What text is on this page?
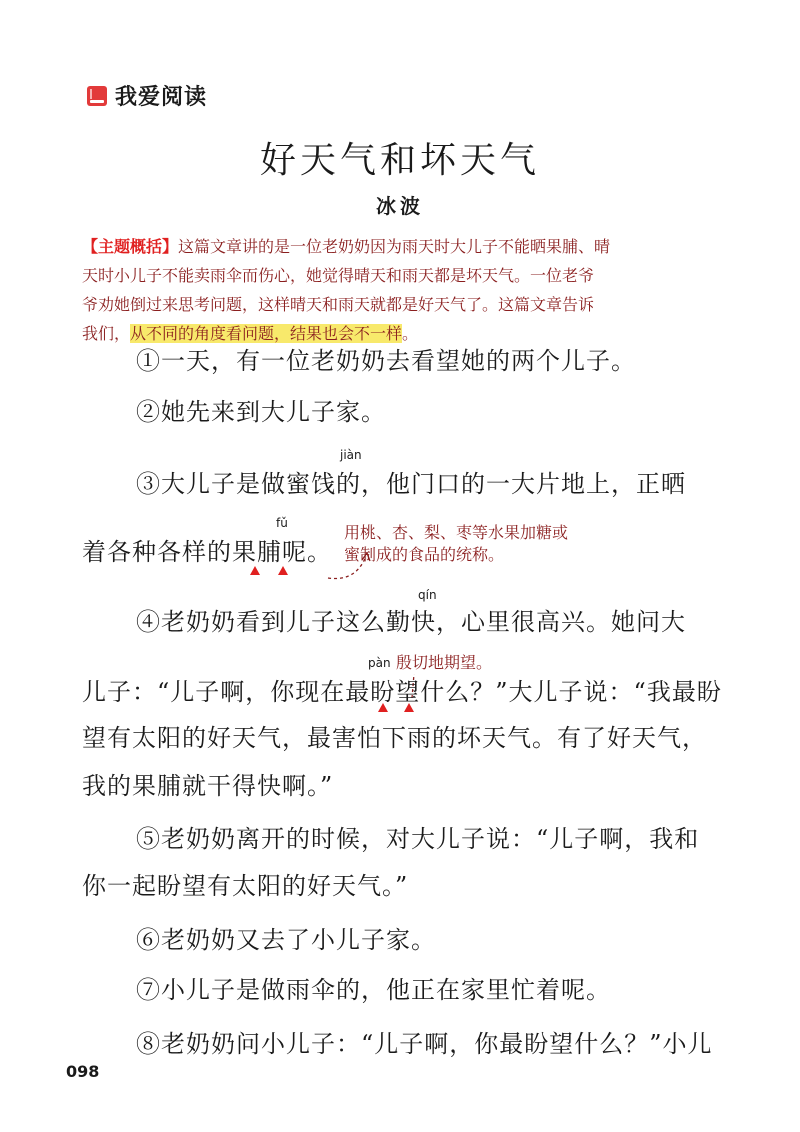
我爱阅读
好天气和坏天气
冰波
【主题概括】这篇文章讲的是一位老奶奶因为雨天时大儿子不能晒果脯、晴
天时小儿子不能卖雨伞而伤心，她觉得晴天和雨天都是坏天气。一位老爷
爷劝她倒过来思考问题，这样晴天和雨天就都是好天气了。这篇文章告诉
我们，从不同的角度看问题，结果也会不一样。
①一天，有一位老奶奶去看望她的两个儿子。
②她先来到大儿子家。
jiàn
③大儿子是做蜜饯的，他门口的一大片地上，正晒
fǔ
着各种各样的果脯呢。
用桃、杏、梨、枣等水果加糖或
蜜制成的食品的统称。
qín
④老奶奶看到儿子这么勤快，心里很高兴。她问大
pàn 殷切地期望。
儿子：“儿子啊，你现在最盼望什么？”大儿子说：“我最盼
望有太阳的好天气，最害怕下雨的坏天气。有了好天气，
我的果脯就干得快啊。”
⑤老奶奶离开的时候，对大儿子说：“儿子啊，我和
你一起盼望有太阳的好天气。”
⑥老奶奶又去了小儿子家。
⑦小儿子是做雨伞的，他正在家里忙着呢。
⑧老奶奶问小儿子：“儿子啊，你最盼望什么？”小儿
098
